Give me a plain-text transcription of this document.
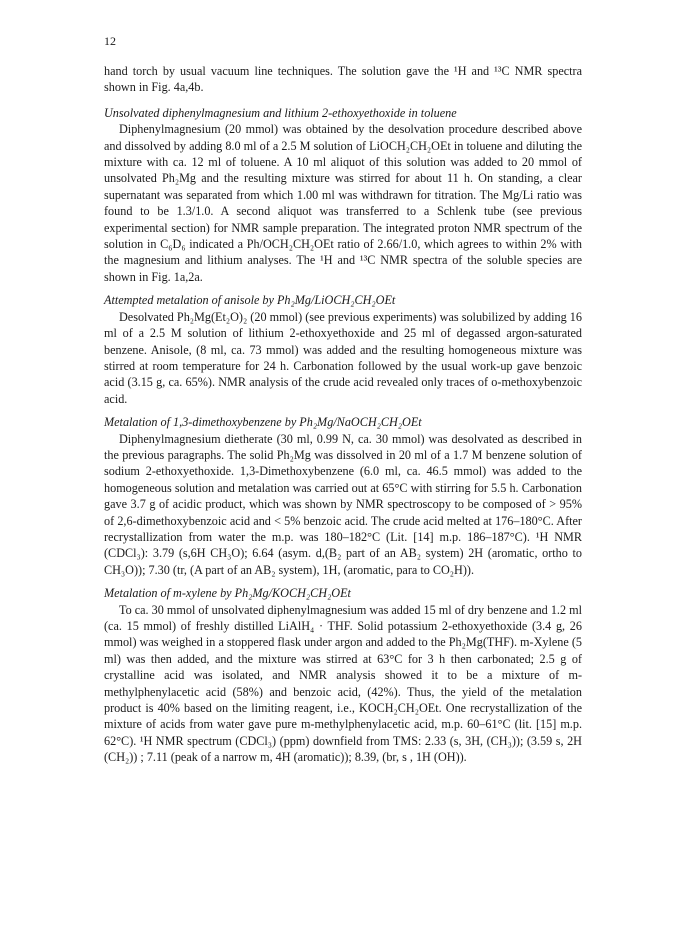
12

hand torch by usual vacuum line techniques. The solution gave the ¹H and ¹³C NMR spectra shown in Fig. 4a,4b.

Unsolvated diphenylmagnesium and lithium 2-ethoxyethoxide in toluene

Diphenylmagnesium (20 mmol) was obtained by the desolvation procedure described above and dissolved by adding 8.0 ml of a 2.5 M solution of LiOCH₂CH₂OEt in toluene and diluting the mixture with ca. 12 ml of toluene. A 10 ml aliquot of this solution was added to 20 mmol of unsolvated Ph₂Mg and the resulting mixture was stirred for about 11 h. On standing, a clear supernatant was separated from which 1.00 ml was withdrawn for titration. The Mg/Li ratio was found to be 1.3/1.0. A second aliquot was transferred to a Schlenk tube (see previous experimental section) for NMR sample preparation. The integrated proton NMR spectrum of the solution in C₆D₆ indicated a Ph/OCH₂CH₂OEt ratio of 2.66/1.0, which agrees to within 2% with the magnesium and lithium analyses. The ¹H and ¹³C NMR spectra of the soluble species are shown in Fig. 1a,2a.

Attempted metalation of anisole by Ph₂Mg/LiOCH₂CH₂OEt

Desolvated Ph₂Mg(Et₂O)₂ (20 mmol) (see previous experiments) was solubilized by adding 16 ml of a 2.5 M solution of lithium 2-ethoxyethoxide and 25 ml of degassed argon-saturated benzene. Anisole, (8 ml, ca. 73 mmol) was added and the resulting homogeneous mixture was stirred at room temperature for 24 h. Carbonation followed by the usual work-up gave benzoic acid (3.15 g, ca. 65%). NMR analysis of the crude acid revealed only traces of o-methoxybenzoic acid.

Metalation of 1,3-dimethoxybenzene by Ph₂Mg/NaOCH₂CH₂OEt

Diphenylmagnesium dietherate (30 ml, 0.99 N, ca. 30 mmol) was desolvated as described in the previous paragraphs. The solid Ph₂Mg was dissolved in 20 ml of a 1.7 M benzene solution of sodium 2-ethoxyethoxide. 1,3-Dimethoxybenzene (6.0 ml, ca. 46.5 mmol) was added to the homogeneous solution and metalation was carried out at 65°C with stirring for 5.5 h. Carbonation gave 3.7 g of acidic product, which was shown by NMR spectroscopy to be composed of > 95% of 2,6-dimethoxybenzoic acid and < 5% benzoic acid. The crude acid melted at 176–180°C. After recrystallization from water the m.p. was 180–182°C (Lit. [14] m.p. 186–187°C). ¹H NMR (CDCl₃): 3.79 (s,6H CH₃O); 6.64 (asym. d,(B₂ part of an AB₂ system) 2H (aromatic, ortho to CH₃O)); 7.30 (tr, (A part of an AB₂ system), 1H, (aromatic, para to CO₂H)).

Metalation of m-xylene by Ph₂Mg/KOCH₂CH₂OEt

To ca. 30 mmol of unsolvated diphenylmagnesium was added 15 ml of dry benzene and 1.2 ml (ca. 15 mmol) of freshly distilled LiAlH₄ · THF. Solid potassium 2-ethoxyethoxide (3.4 g, 26 mmol) was weighed in a stoppered flask under argon and added to the Ph₂Mg(THF). m-Xylene (5 ml) was then added, and the mixture was stirred at 63°C for 3 h then carbonated; 2.5 g of crystalline acid was isolated, and NMR analysis showed it to be a mixture of m-methylphenylacetic acid (58%) and benzoic acid, (42%). Thus, the yield of the metalation product is 40% based on the limiting reagent, i.e., KOCH₂CH₂OEt. One recrystallization of the mixture of acids from water gave pure m-methylphenylacetic acid, m.p. 60–61°C (lit. [15] m.p. 62°C). ¹H NMR spectrum (CDCl₃) (ppm) downfield from TMS: 2.33 (s, 3H, (CH₃)); (3.59 s, 2H (CH₂)) ; 7.11 (peak of a narrow m, 4H (aromatic)); 8.39, (br, s , 1H (OH)).
